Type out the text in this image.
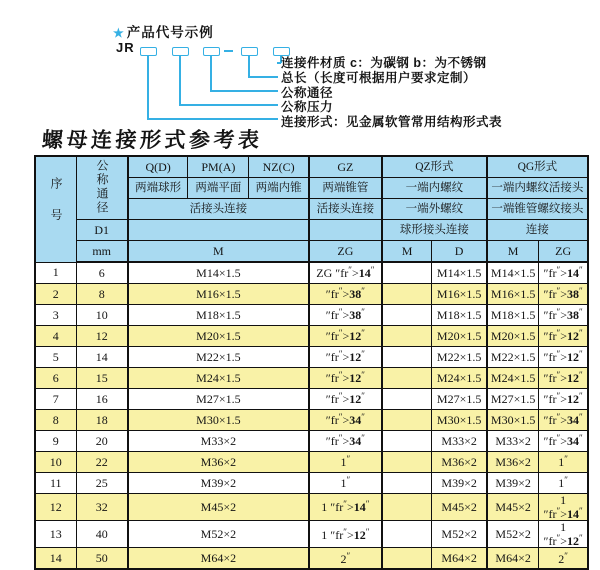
★ 产品代号示例
JR
连接件材质 c：为碳钢 b：为不锈钢
总长（长度可根据用户要求定制）
公称通径
公称压力
连接形式：见金属软管常用结构形式表
螺母连接形式参考表
序号	公称通径	Q(D)	PM(A)	NZ(C)	GZ	QZ形式		QG形式	
		两端球形	两端平面	两端内锥	两端锥管	一端内螺纹		一端内螺纹活接头	
		活接头连接			活接头连接	一端外螺纹		一端锥管螺纹接头	
	D1					球形接头连接		连接	
	mm	M			ZG	M	D	M	ZG
1	6	M14×1.5			ZG ″fr″>14″		M14×1.5	M14×1.5	″fr″>14″
2	8	M16×1.5			″fr″>38″		M16×1.5	M16×1.5	″fr″>38″
3	10	M18×1.5			″fr″>38″		M18×1.5	M18×1.5	″fr″>38″
4	12	M20×1.5			″fr″>12″		M20×1.5	M20×1.5	″fr″>12″
5	14	M22×1.5			″fr″>12″		M22×1.5	M22×1.5	″fr″>12″
6	15	M24×1.5			″fr″>12″		M24×1.5	M24×1.5	″fr″>12″
7	16	M27×1.5			″fr″>12″		M27×1.5	M27×1.5	″fr″>12″
8	18	M30×1.5			″fr″>34″		M30×1.5	M30×1.5	″fr″>34″
9	20	M33×2			″fr″>34″		M33×2	M33×2	″fr″>34″
10	22	M36×2			1″		M36×2	M36×2	1″
11	25	M39×2			1″		M39×2	M39×2	1″
12	32	M45×2			1 ″fr″>14″		M45×2	M45×2	1 ″fr″>14″
13	40	M52×2			1 ″fr″>12″		M52×2	M52×2	1 ″fr″>12″
14	50	M64×2			2″		M64×2	M64×2	2″
